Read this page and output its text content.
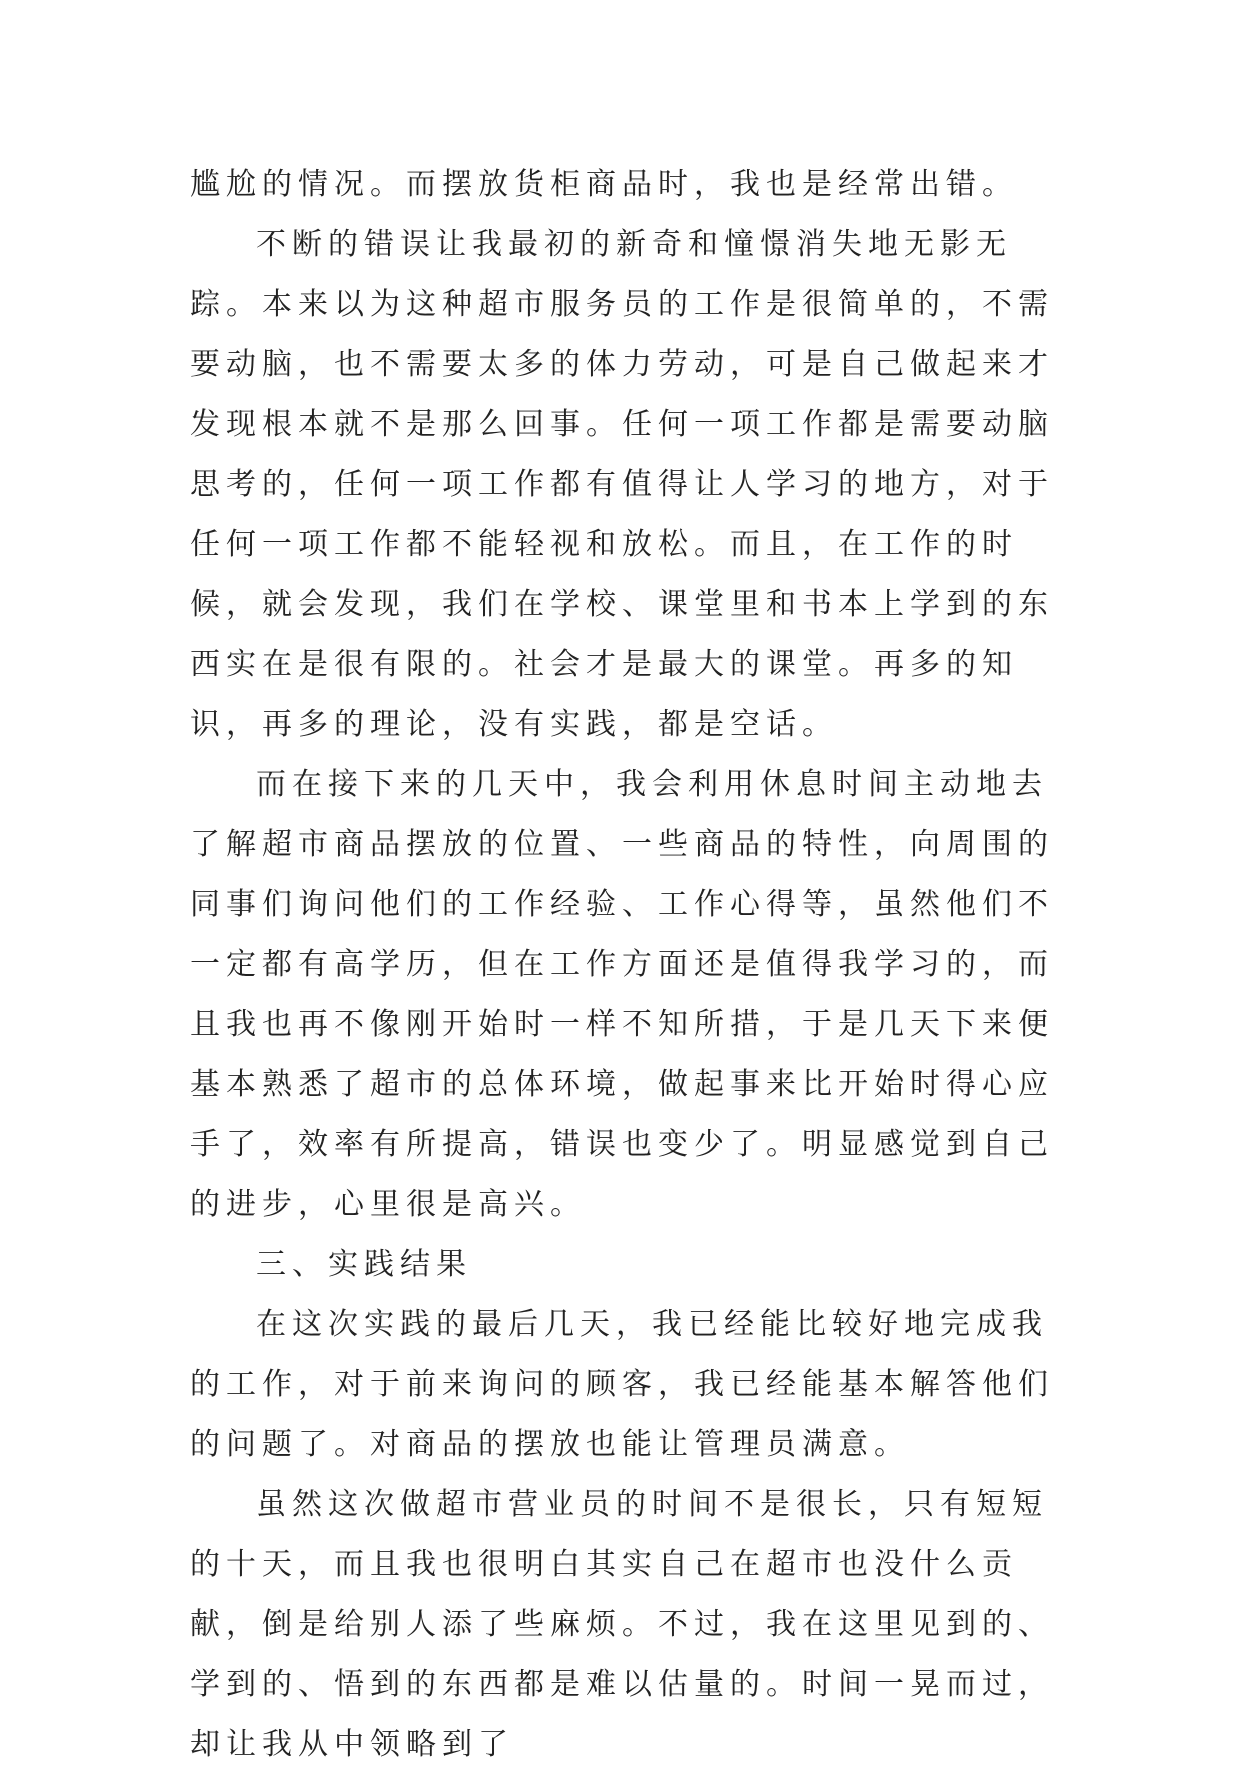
尴尬的情况。而摆放货柜商品时，我也是经常出错。

不断的错误让我最初的新奇和憧憬消失地无影无踪。本来以为这种超市服务员的工作是很简单的，不需要动脑，也不需要太多的体力劳动，可是自己做起来才发现根本就不是那么回事。任何一项工作都是需要动脑思考的，任何一项工作都有值得让人学习的地方，对于任何一项工作都不能轻视和放松。而且，在工作的时候，就会发现，我们在学校、课堂里和书本上学到的东西实在是很有限的。社会才是最大的课堂。再多的知识，再多的理论，没有实践，都是空话。

而在接下来的几天中，我会利用休息时间主动地去了解超市商品摆放的位置、一些商品的特性，向周围的同事们询问他们的工作经验、工作心得等，虽然他们不一定都有高学历，但在工作方面还是值得我学习的，而且我也再不像刚开始时一样不知所措，于是几天下来便基本熟悉了超市的总体环境，做起事来比开始时得心应手了，效率有所提高，错误也变少了。明显感觉到自己的进步，心里很是高兴。

三、实践结果

在这次实践的最后几天，我已经能比较好地完成我的工作，对于前来询问的顾客，我已经能基本解答他们的问题了。对商品的摆放也能让管理员满意。

虽然这次做超市营业员的时间不是很长，只有短短的十天，而且我也很明白其实自己在超市也没什么贡献，倒是给别人添了些麻烦。不过，我在这里见到的、学到的、悟到的东西都是难以估量的。时间一晃而过，却让我从中领略到了
